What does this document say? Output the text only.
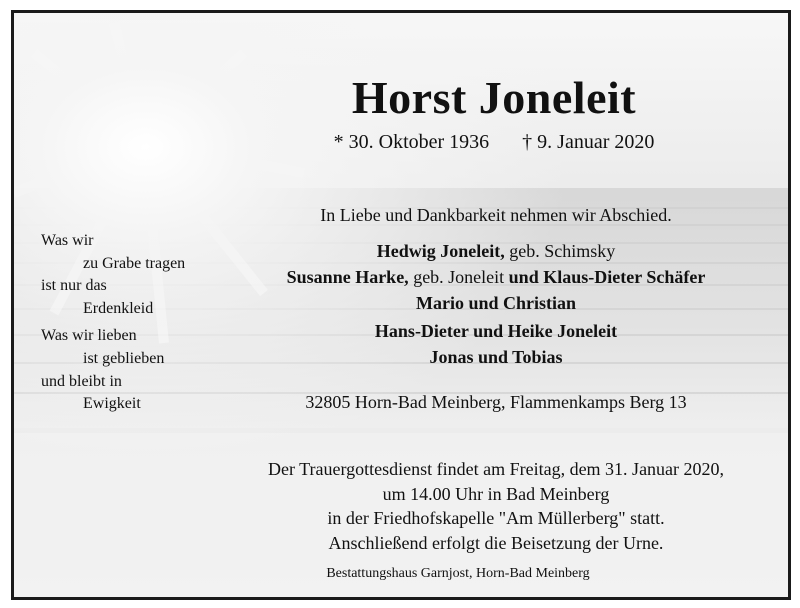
Horst Joneleit
* 30. Oktober 1936 † 9. Januar 2020
Was wir
zu Grabe tragen
ist nur das
Erdenkleid
Was wir lieben
ist geblieben
und bleibt in
Ewigkeit
In Liebe und Dankbarkeit nehmen wir Abschied.
Hedwig Joneleit, geb. Schimsky
Susanne Harke, geb. Joneleit und Klaus-Dieter Schäfer
Mario und Christian
Hans-Dieter und Heike Joneleit
Jonas und Tobias
32805 Horn-Bad Meinberg, Flammenkamps Berg 13
Der Trauergottesdienst findet am Freitag, dem 31. Januar 2020,
um 14.00 Uhr in Bad Meinberg
in der Friedhofskapelle "Am Müllerberg" statt.
Anschließend erfolgt die Beisetzung der Urne.
Bestattungshaus Garnjost, Horn-Bad Meinberg
